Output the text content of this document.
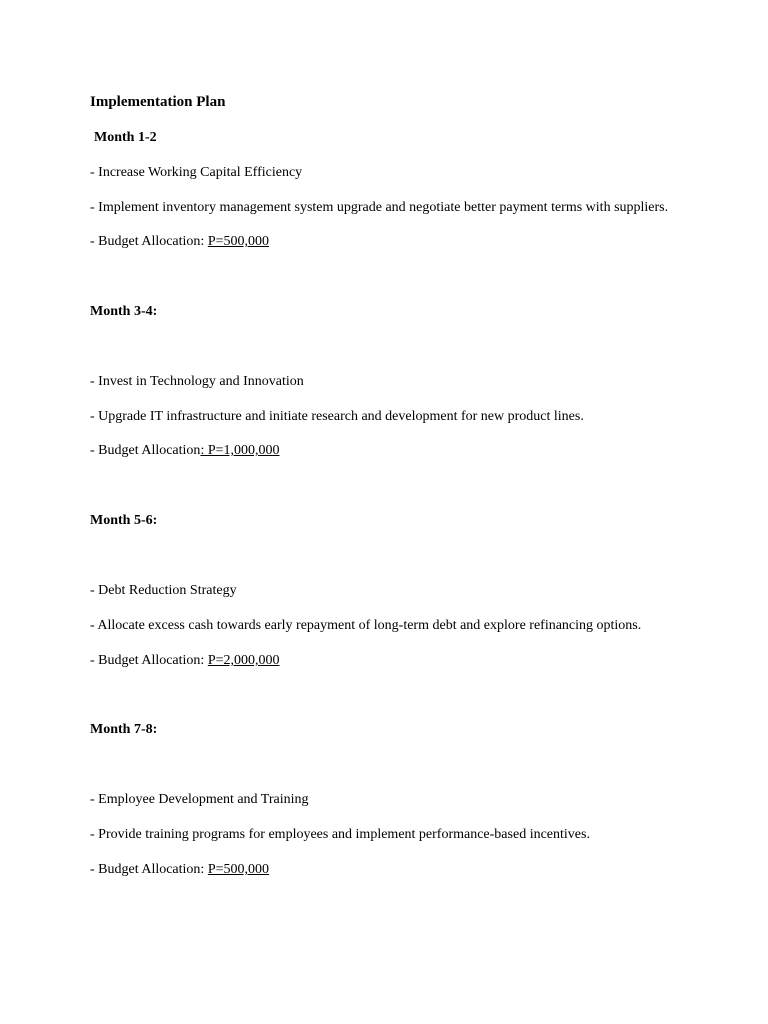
Implementation Plan
Month 1-2
- Increase Working Capital Efficiency
- Implement inventory management system upgrade and negotiate better payment terms with suppliers.
- Budget Allocation: P=500,000
Month 3-4:
- Invest in Technology and Innovation
- Upgrade IT infrastructure and initiate research and development for new product lines.
- Budget Allocation: P=1,000,000
Month 5-6:
- Debt Reduction Strategy
- Allocate excess cash towards early repayment of long-term debt and explore refinancing options.
- Budget Allocation: P=2,000,000
Month 7-8:
- Employee Development and Training
- Provide training programs for employees and implement performance-based incentives.
- Budget Allocation: P=500,000
